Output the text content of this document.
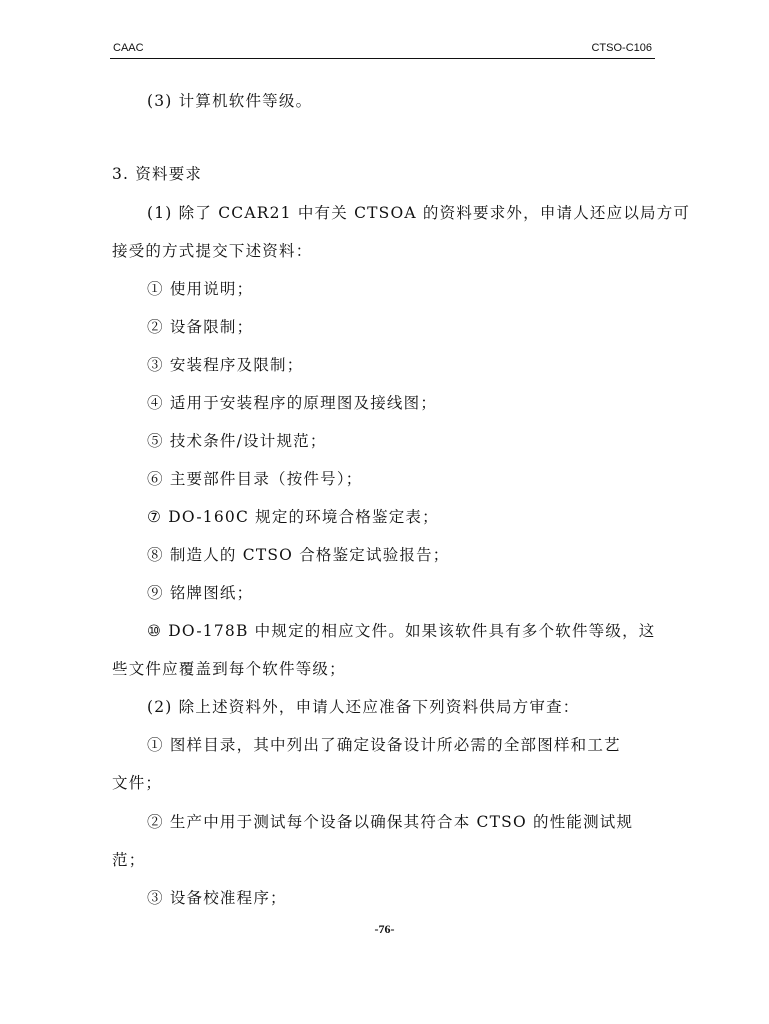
CAAC	CTSO-C106
(3) 计算机软件等级。
3. 资料要求
(1) 除了 CCAR21 中有关 CTSOA 的资料要求外，申请人还应以局方可
接受的方式提交下述资料：
① 使用说明；
② 设备限制；
③ 安装程序及限制；
④ 适用于安装程序的原理图及接线图；
⑤ 技术条件/设计规范；
⑥ 主要部件目录（按件号）；
⑦ DO-160C 规定的环境合格鉴定表；
⑧ 制造人的 CTSO 合格鉴定试验报告；
⑨ 铭牌图纸；
⑩ DO-178B 中规定的相应文件。如果该软件具有多个软件等级，这
些文件应覆盖到每个软件等级；
(2) 除上述资料外，申请人还应准备下列资料供局方审查：
① 图样目录，其中列出了确定设备设计所必需的全部图样和工艺
文件；
② 生产中用于测试每个设备以确保其符合本 CTSO 的性能测试规
范；
③ 设备校准程序；
-76-
